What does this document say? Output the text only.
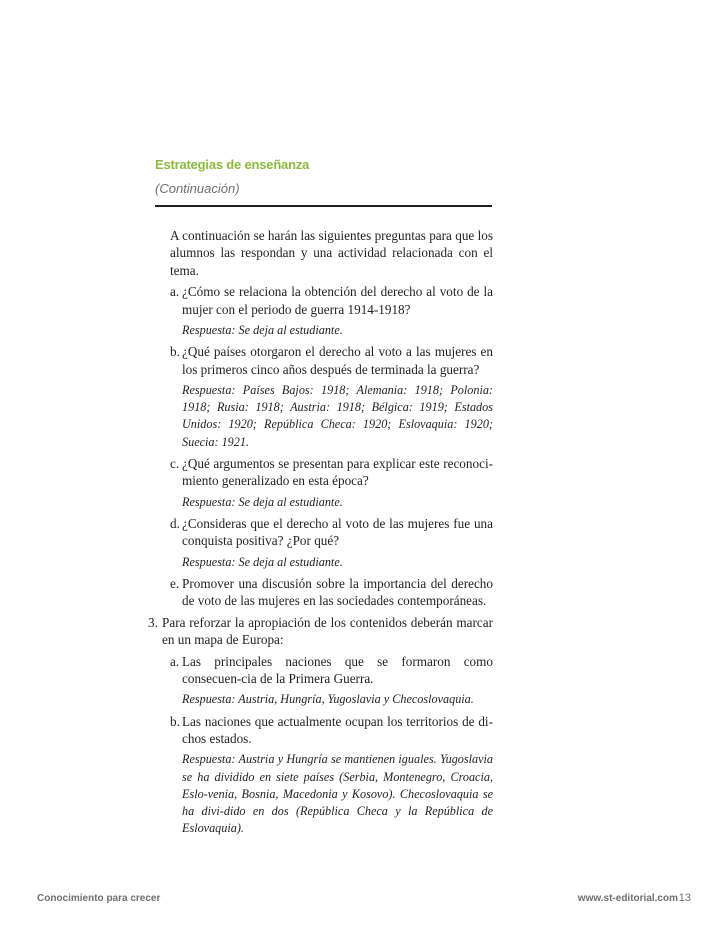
Estrategias de enseñanza
(Continuación)

A continuación se harán las siguientes preguntas para que los alumnos las respondan y una actividad relacionada con el tema.

a. ¿Cómo se relaciona la obtención del derecho al voto de la mujer con el periodo de guerra 1914-1918?
Respuesta: Se deja al estudiante.
b. ¿Qué países otorgaron el derecho al voto a las mujeres en los primeros cinco años después de terminada la guerra?
Respuesta: Países Bajos: 1918; Alemania: 1918; Polonia: 1918; Rusia: 1918; Austria: 1918; Bélgica: 1919; Estados Unidos: 1920; República Checa: 1920; Eslovaquia: 1920; Suecia: 1921.
c. ¿Qué argumentos se presentan para explicar este reconoci-miento generalizado en esta época?
Respuesta: Se deja al estudiante.
d. ¿Consideras que el derecho al voto de las mujeres fue una conquista positiva? ¿Por qué?
Respuesta: Se deja al estudiante.
e. Promover una discusión sobre la importancia del derecho de voto de las mujeres en las sociedades contemporáneas.
3. Para reforzar la apropiación de los contenidos deberán marcar en un mapa de Europa:
a. Las principales naciones que se formaron como consecuen-cia de la Primera Guerra.
Respuesta: Austria, Hungría, Yugoslavia y Checoslovaquia.
b. Las naciones que actualmente ocupan los territorios de di-chos estados.
Respuesta: Austria y Hungría se mantienen iguales. Yugoslavia se ha dividido en siete países (Serbia, Montenegro, Croacia, Eslo-venia, Bosnia, Macedonia y Kosovo). Checoslovaquia se ha divi-dido en dos (República Checa y la República de Eslovaquia).
Conocimiento para crecer	www.st-editorial.com 13
